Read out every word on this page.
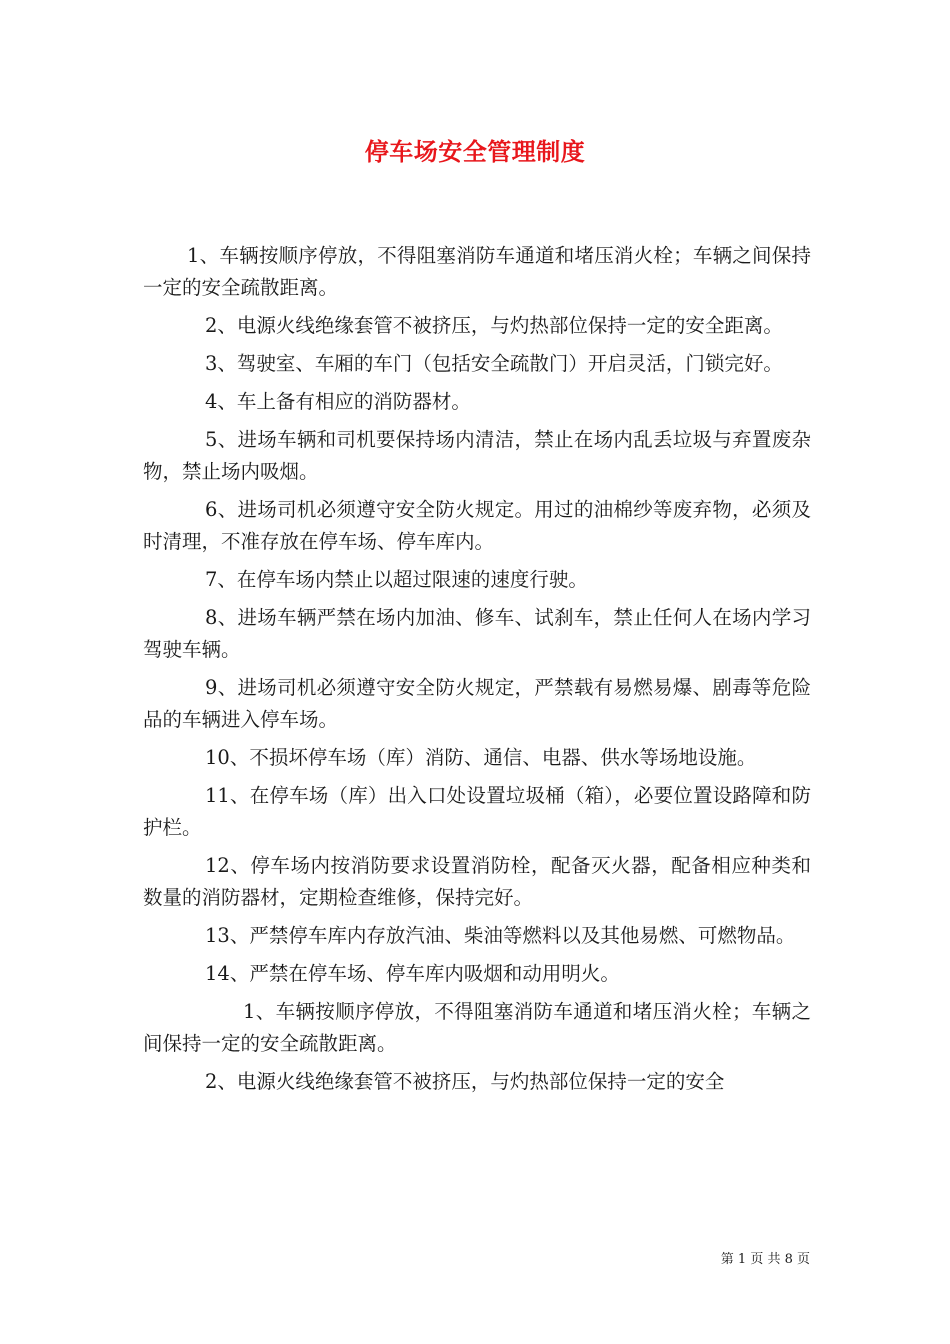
停车场安全管理制度

1、车辆按顺序停放，不得阻塞消防车通道和堵压消火栓；车辆之间保持一定的安全疏散距离。

2、电源火线绝缘套管不被挤压，与灼热部位保持一定的安全距离。

3、驾驶室、车厢的车门（包括安全疏散门）开启灵活，门锁完好。

4、车上备有相应的消防器材。

5、进场车辆和司机要保持场内清洁，禁止在场内乱丢垃圾与弃置废杂物，禁止场内吸烟。

6、进场司机必须遵守安全防火规定。用过的油棉纱等废弃物，必须及时清理，不准存放在停车场、停车库内。

7、在停车场内禁止以超过限速的速度行驶。

8、进场车辆严禁在场内加油、修车、试刹车，禁止任何人在场内学习驾驶车辆。

9、进场司机必须遵守安全防火规定，严禁载有易燃易爆、剧毒等危险品的车辆进入停车场。

10、不损坏停车场（库）消防、通信、电器、供水等场地设施。

11、在停车场（库）出入口处设置垃圾桶（箱），必要位置设路障和防护栏。

12、停车场内按消防要求设置消防栓，配备灭火器，配备相应种类和数量的消防器材，定期检查维修，保持完好。

13、严禁停车库内存放汽油、柴油等燃料以及其他易燃、可燃物品。

14、严禁在停车场、停车库内吸烟和动用明火。

1、车辆按顺序停放，不得阻塞消防车通道和堵压消火栓；车辆之间保持一定的安全疏散距离。

2、电源火线绝缘套管不被挤压，与灼热部位保持一定的安全

第 1 页 共 8 页
